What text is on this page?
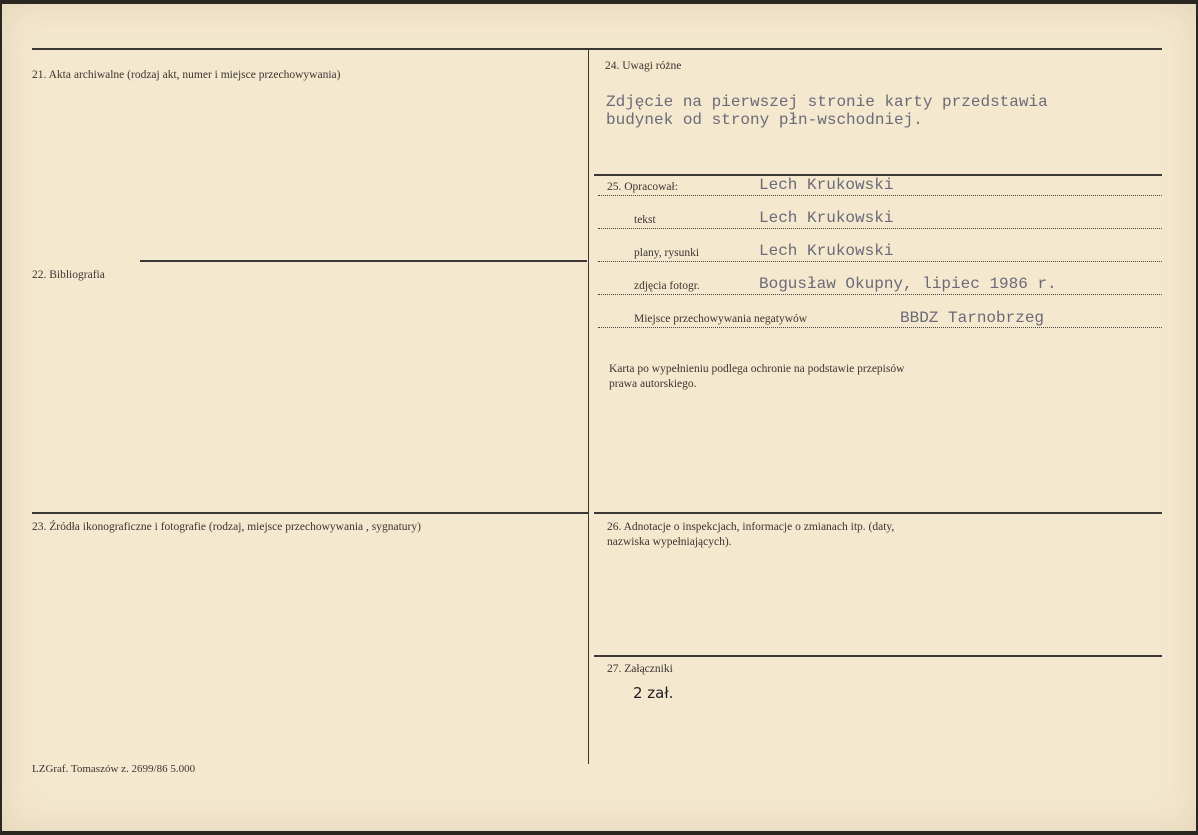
21. Akta archiwalne (rodzaj akt, numer i miejsce przechowywania)
22. Bibliografia
23. Źródła ikonograficzne i fotografie (rodzaj, miejsce przechowywania , sygnatury)
24. Uwagi różne
Zdjęcie na pierwszej stronie karty przedstawia
budynek od strony płn-wschodniej.
25. Opracował:	Lech Krukowski
tekst	Lech Krukowski
plany, rysunki	Lech Krukowski
zdjęcia fotogr.	Bogusław Okupny, lipiec 1986 r.
Miejsce przechowywania negatywów	BBDZ Tarnobrzeg
Karta po wypełnieniu podlega ochronie na podstawie przepisów
prawa autorskiego.
26. Adnotacje o inspekcjach, informacje o zmianach itp. (daty,
nazwiska wypełniających).
27. Załączniki
2 zał.
LZGraf. Tomaszów z. 2699/86 5.000
